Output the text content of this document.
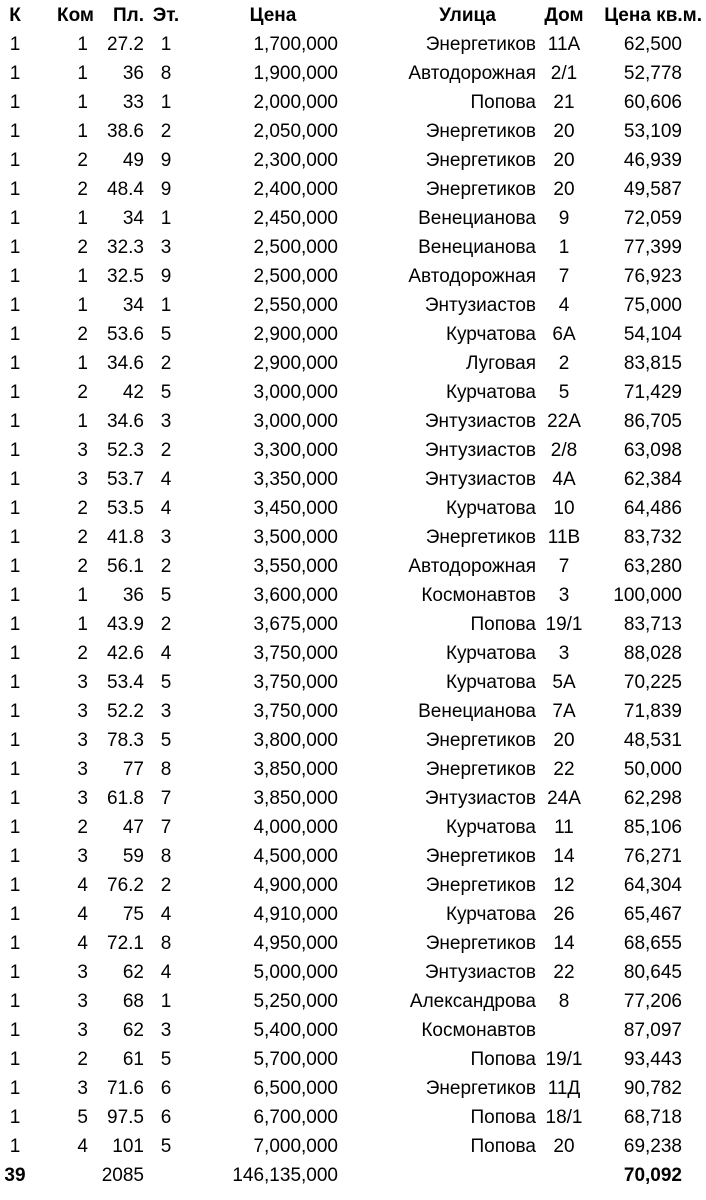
К	Ком	Пл.	Эт.	Цена	Улица	Дом	Цена кв.м.
1	1	27.2	1	1,700,000	Энергетиков	11А	62,500
1	1	36	8	1,900,000	Автодорожная	2/1	52,778
1	1	33	1	2,000,000	Попова	21	60,606
1	1	38.6	2	2,050,000	Энергетиков	20	53,109
1	2	49	9	2,300,000	Энергетиков	20	46,939
1	2	48.4	9	2,400,000	Энергетиков	20	49,587
1	1	34	1	2,450,000	Венецианова	9	72,059
1	2	32.3	3	2,500,000	Венецианова	1	77,399
1	1	32.5	9	2,500,000	Автодорожная	7	76,923
1	1	34	1	2,550,000	Энтузиастов	4	75,000
1	2	53.6	5	2,900,000	Курчатова	6А	54,104
1	1	34.6	2	2,900,000	Луговая	2	83,815
1	2	42	5	3,000,000	Курчатова	5	71,429
1	1	34.6	3	3,000,000	Энтузиастов	22А	86,705
1	3	52.3	2	3,300,000	Энтузиастов	2/8	63,098
1	3	53.7	4	3,350,000	Энтузиастов	4А	62,384
1	2	53.5	4	3,450,000	Курчатова	10	64,486
1	2	41.8	3	3,500,000	Энергетиков	11В	83,732
1	2	56.1	2	3,550,000	Автодорожная	7	63,280
1	1	36	5	3,600,000	Космонавтов	3	100,000
1	1	43.9	2	3,675,000	Попова	19/1	83,713
1	2	42.6	4	3,750,000	Курчатова	3	88,028
1	3	53.4	5	3,750,000	Курчатова	5А	70,225
1	3	52.2	3	3,750,000	Венецианова	7А	71,839
1	3	78.3	5	3,800,000	Энергетиков	20	48,531
1	3	77	8	3,850,000	Энергетиков	22	50,000
1	3	61.8	7	3,850,000	Энтузиастов	24А	62,298
1	2	47	7	4,000,000	Курчатова	11	85,106
1	3	59	8	4,500,000	Энергетиков	14	76,271
1	4	76.2	2	4,900,000	Энергетиков	12	64,304
1	4	75	4	4,910,000	Курчатова	26	65,467
1	4	72.1	8	4,950,000	Энергетиков	14	68,655
1	3	62	4	5,000,000	Энтузиастов	22	80,645
1	3	68	1	5,250,000	Александрова	8	77,206
1	3	62	3	5,400,000	Космонавтов		87,097
1	2	61	5	5,700,000	Попова	19/1	93,443
1	3	71.6	6	6,500,000	Энергетиков	11Д	90,782
1	5	97.5	6	6,700,000	Попова	18/1	68,718
1	4	101	5	7,000,000	Попова	20	69,238
39		2085		146,135,000			70,092
